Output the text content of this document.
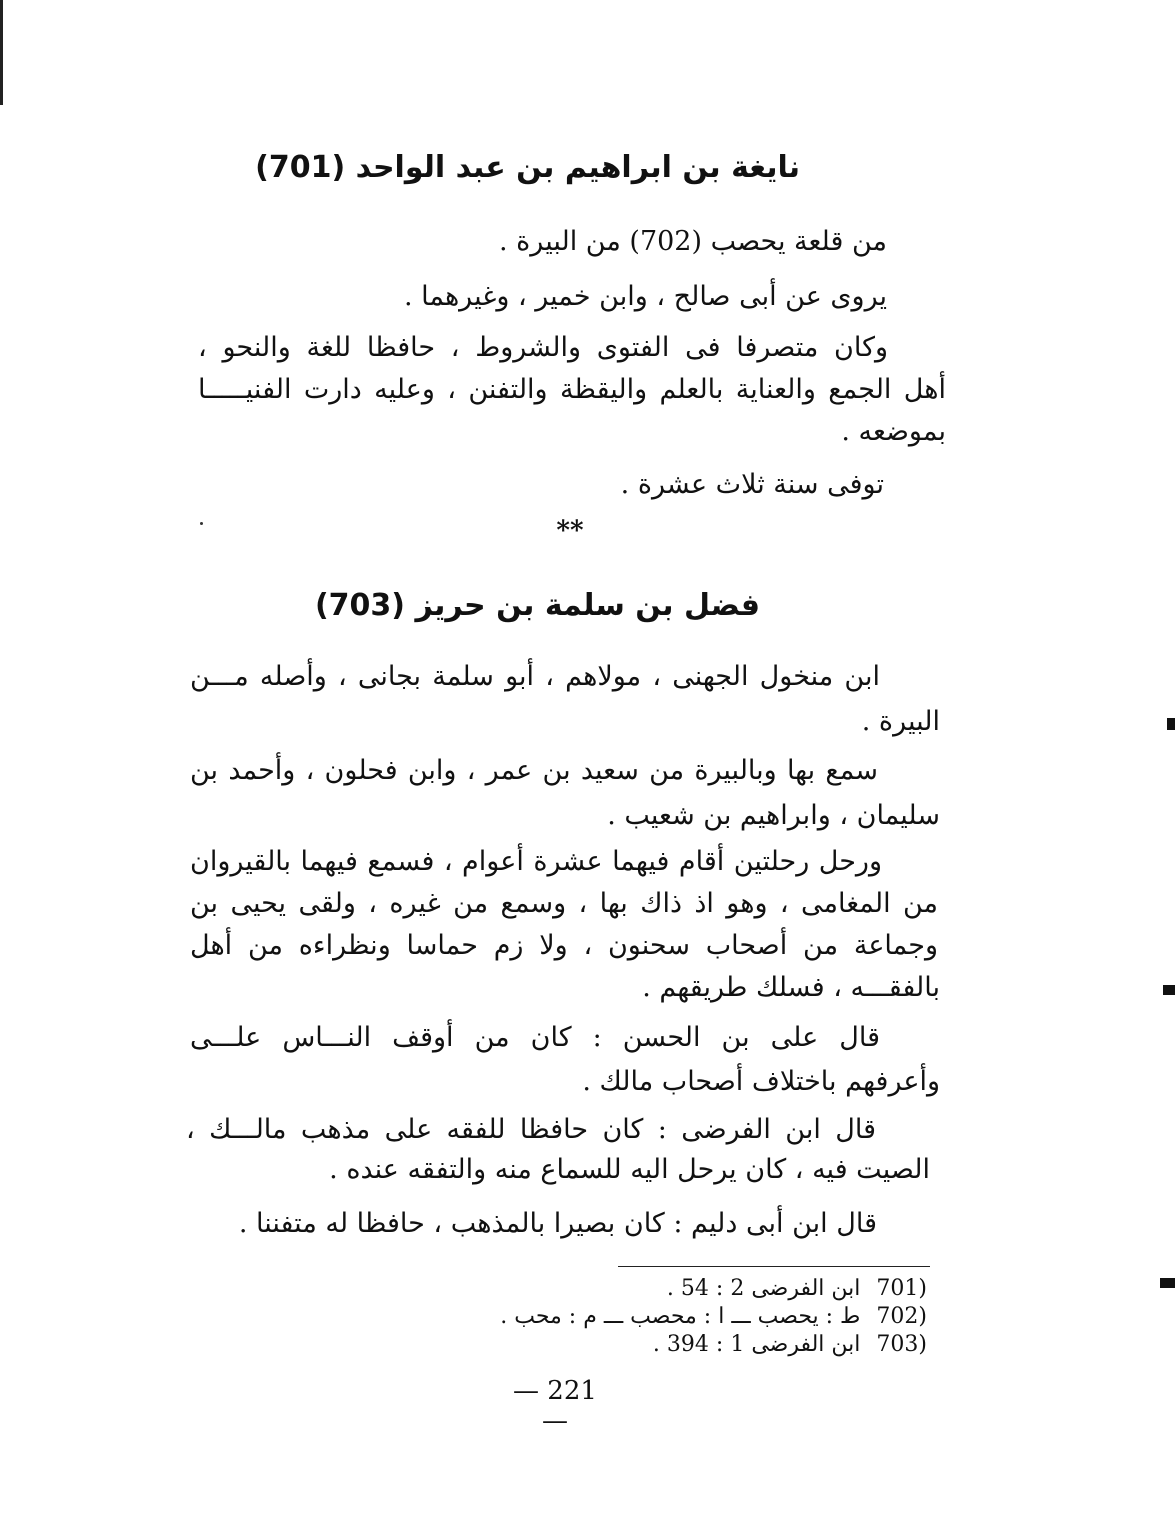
نايغة بن ابراهيم بن عبد الواحد (701)
من قلعة يحصب (702) من البيرة .
يروى عن أبى صالح ، وابن خمير ، وغيرهما .
وكان متصرفا فى الفتوى والشروط ، حافظا للغة والنحو ،
أهل الجمع والعناية بالعلم واليقظة والتفنن ، وعليه دارت الفنيـــــا
بموضعه .
توفى سنة ثلاث عشرة .
**
فضل بن سلمة بن حريز (703)
ابن منخول الجهنى ، مولاهم ، أبو سلمة بجانى ، وأصله مـــن
البيرة .
سمع بها وبالبيرة من سعيد بن عمر ، وابن فحلون ، وأحمد بن
سليمان ، وابراهيم بن شعيب .
ورحل رحلتين أقام فيهما عشرة أعوام ، فسمع فيهما بالقيروان
من المغامى ، وهو اذ ذاك بها ، وسمع من غيره ، ولقى يحيى بن
وجماعة من أصحاب سحنون ، ولا زم حماسا ونظراءه من أهل
بالفقـــه ، فسلك طريقهم .
قال على بن الحسن : كان من أوقف النـــاس علـــى
وأعرفهم باختلاف أصحاب مالك .
قال ابن الفرضى : كان حافظا للفقه على مذهب مالـــك ،
الصيت فيه ، كان يرحل اليه للسماع منه والتفقه عنده .
قال ابن أبى دليم : كان بصيرا بالمذهب ، حافظا له متفننا .
(701ابن الفرضى 2 : 54 .
(702ط : يحصب ـــ ا : محصب ـــ م : محب .
(703ابن الفرضى 1 : 394 .
— 221 —
